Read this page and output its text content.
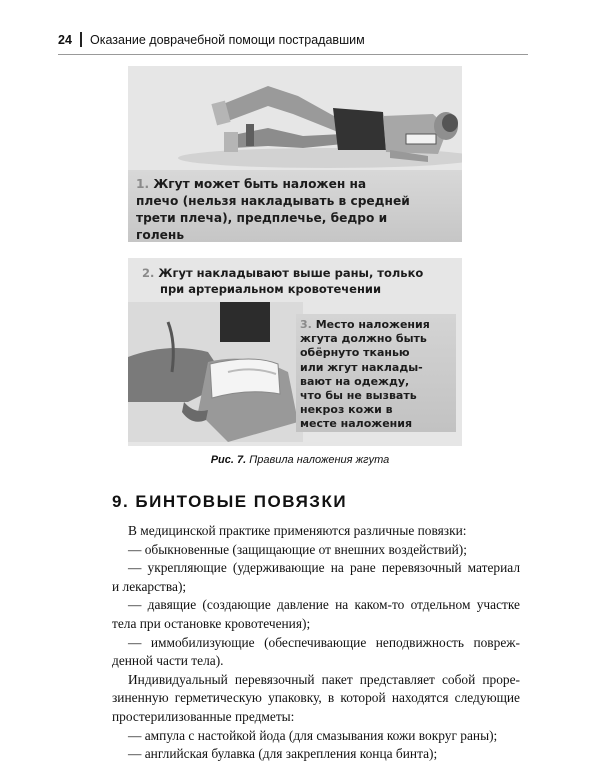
24 Оказание доврачебной помощи пострадавшим
1. Жгут может быть наложен на
плечо (нельзя накладывать в средней
трети плеча), предплечье, бедро и
голень
2. Жгут накладывают выше раны, только
при артериальном кровотечении
3. Место наложения
жгута должно быть
обёрнуто тканью
или жгут наклады-
вают на одежду,
что бы не вызвать
некроз кожи в
месте наложения
Рис. 7. Правила наложения жгута
9. БИНТОВЫЕ ПОВЯЗКИ

В медицинской практике применяются различные повязки:

— обыкновенные (защищающие от внешних воздействий);

— укрепляющие (удерживающие на ране перевязочный материал

и лекарства);

— давящие (создающие давление на каком-то отдельном участке

тела при остановке кровотечения);

— иммобилизующие (обеспечивающие неподвижность повреж-

денной части тела).

Индивидуальный перевязочный пакет представляет собой проре-

зиненную герметическую упаковку, в которой находятся следующие

простерилизованные предметы:

— ампула с настойкой йода (для смазывания кожи вокруг раны);

— английская булавка (для закрепления конца бинта);
